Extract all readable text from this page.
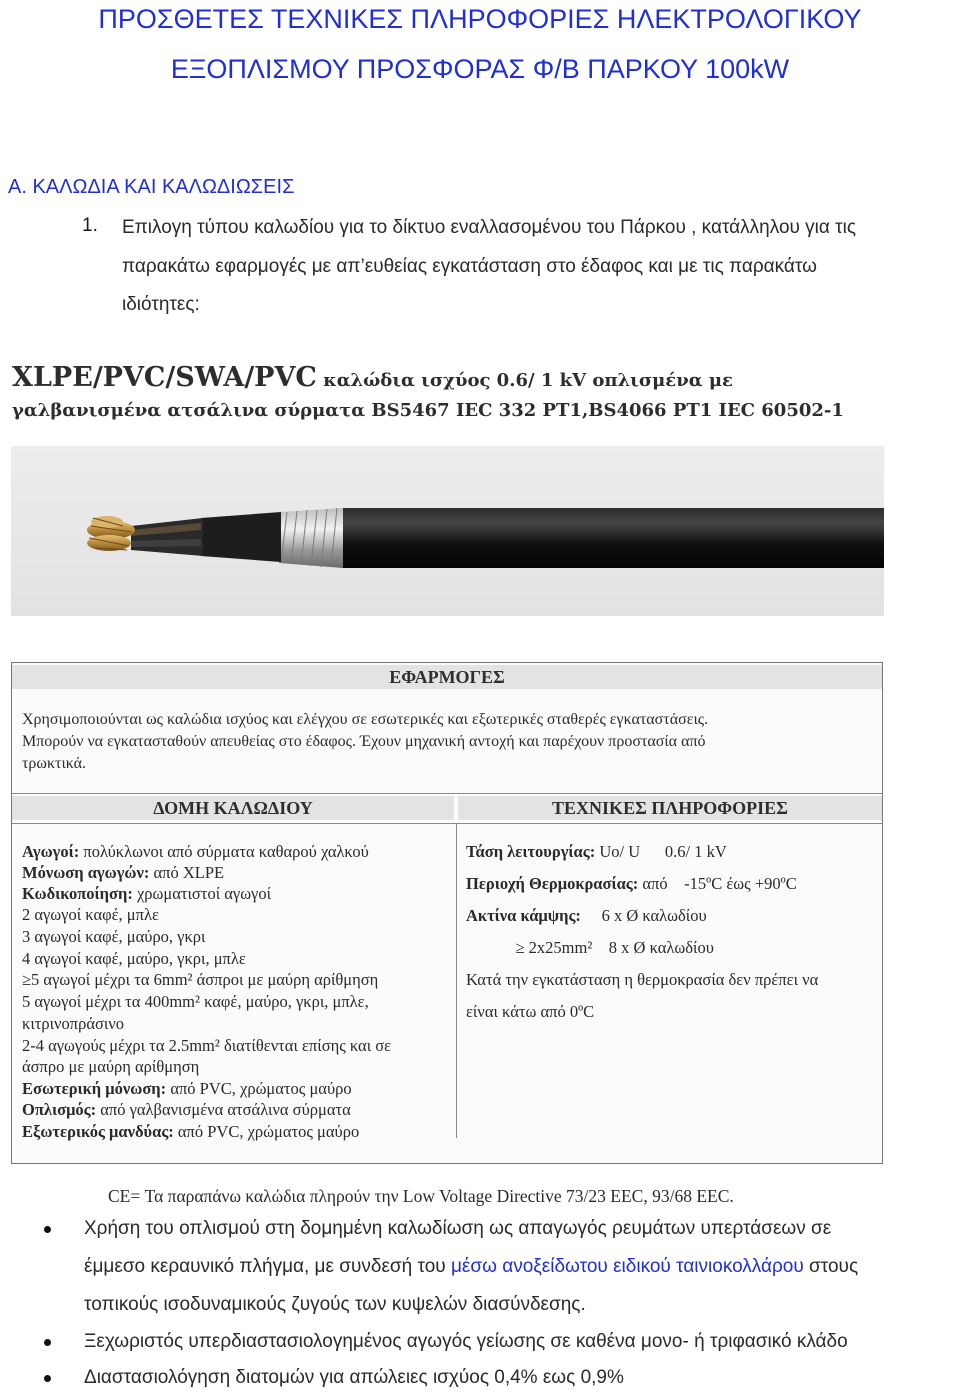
ΠΡΟΣΘΕΤΕΣ ΤΕΧΝΙΚΕΣ ΠΛΗΡΟΦΟΡΙΕΣ ΗΛΕΚΤΡΟΛΟΓΙΚΟΥ
ΕΞΟΠΛΙΣΜΟΥ ΠΡΟΣΦΟΡΑΣ Φ/Β ΠΑΡΚΟΥ 100kW
Α. ΚΑΛΩΔΙΑ ΚΑΙ ΚΑΛΩΔΙΩΣΕΙΣ
1. Επιλογη τύπου καλωδίου για το δίκτυο εναλλασομένου του Πάρκου , κατάλληλου για τις
παρακάτω εφαρμογές με απ’ευθείας εγκατάσταση στο έδαφος και με τις παρακάτω
ιδιότητες:
XLPE/PVC/SWA/PVC καλώδια ισχύος 0.6/ 1 kV οπλισμένα με
γαλβανισμένα ατσάλινα σύρματα BS5467 IEC 332 PT1,BS4066 PT1 IEC 60502-1
ΕΦΑΡΜΟΓΕΣ
Χρησιμοποιούνται ως καλώδια ισχύος και ελέγχου σε εσωτερικές και εξωτερικές σταθερές εγκαταστάσεις.
Μπορούν να εγκατασταθούν απευθείας στο έδαφος. Έχουν μηχανική αντοχή και παρέχουν προστασία από
τρωκτικά.
ΔΟΜΗ ΚΑΛΩΔΙΟΥ	ΤΕΧΝΙΚΕΣ ΠΛΗΡΟΦΟΡΙΕΣ
Αγωγοί: πολύκλωνοι από σύρματα καθαρού χαλκού
Μόνωση αγωγών: από XLPE
Κωδικοποίηση: χρωματιστοί αγωγοί
2 αγωγοί καφέ, μπλε
3 αγωγοί καφέ, μαύρο, γκρι
4 αγωγοί καφέ, μαύρο, γκρι, μπλε
≥5 αγωγοί μέχρι τα 6mm² άσπροι με μαύρη αρίθμηση
5 αγωγοί μέχρι τα 400mm² καφέ, μαύρο, γκρι, μπλε,
κιτρινοπράσινο
2-4 αγωγούς μέχρι τα 2.5mm² διατίθενται επίσης και σε
άσπρο με μαύρη αρίθμηση
Εσωτερική μόνωση: από PVC, χρώματος μαύρο
Οπλισμός: από γαλβανισμένα ατσάλινα σύρματα
Εξωτερικός μανδύας: από PVC, χρώματος μαύρο
Τάση λειτουργίας: Uo/ U      0.6/ 1 kV
Περιοχή Θερμοκρασίας: από    -15ºC έως +90ºC
Ακτίνα κάμψης:     6 x Ø καλωδίου
≥ 2x25mm²    8 x Ø καλωδίου
Κατά την εγκατάσταση η θερμοκρασία δεν πρέπει να
είναι κάτω από 0ºC
CE= Τα παραπάνω καλώδια πληρούν την Low Voltage Directive 73/23 EEC, 93/68 EEC.
Χρήση του οπλισμού στη δομημένη καλωδίωση ως απαγωγός ρευμάτων υπερτάσεων σε
έμμεσο κεραυνικό πλήγμα, με συνδεσή του μέσω ανοξείδωτου ειδικού ταινιοκολλάρου στους
τοπικούς ισοδυναμικούς ζυγούς των κυψελών διασύνδεσης.
Ξεχωριστός υπερδιαστασιολογημένος αγωγός γείωσης σε καθένα μονο- ή τριφασικό κλάδο
Διαστασιολόγηση διατομών για απώλειες ισχύος 0,4% εως 0,9%
